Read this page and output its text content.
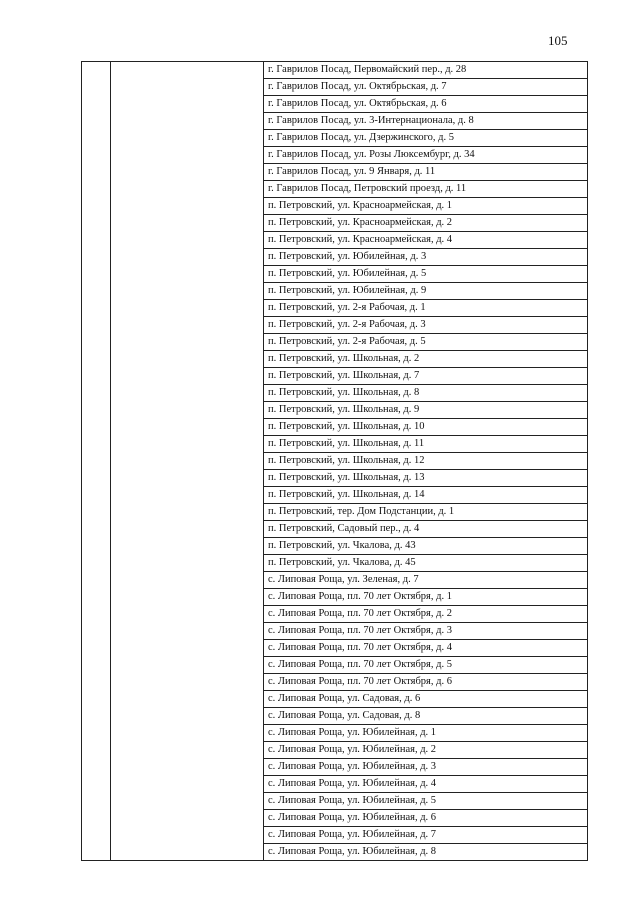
105
		г. Гаврилов Посад, Первомайский пер., д. 28
г. Гаврилов Посад, ул. Октябрьская, д. 7
г. Гаврилов Посад, ул. Октябрьская, д. 6
г. Гаврилов Посад, ул. 3-Интернационала, д. 8
г. Гаврилов Посад, ул. Дзержинского, д. 5
г. Гаврилов Посад, ул. Розы Люксембург, д. 34
г. Гаврилов Посад, ул. 9 Января, д. 11
г. Гаврилов Посад, Петровский проезд, д. 11
п. Петровский, ул. Красноармейская, д. 1
п. Петровский, ул. Красноармейская, д. 2
п. Петровский, ул. Красноармейская, д. 4
п. Петровский, ул. Юбилейная, д. 3
п. Петровский, ул. Юбилейная, д. 5
п. Петровский, ул. Юбилейная, д. 9
п. Петровский, ул. 2-я Рабочая, д. 1
п. Петровский, ул. 2-я Рабочая, д. 3
п. Петровский, ул. 2-я Рабочая, д. 5
п. Петровский, ул. Школьная, д. 2
п. Петровский, ул. Школьная, д. 7
п. Петровский, ул. Школьная, д. 8
п. Петровский, ул. Школьная, д. 9
п. Петровский, ул. Школьная, д. 10
п. Петровский, ул. Школьная, д. 11
п. Петровский, ул. Школьная, д. 12
п. Петровский, ул. Школьная, д. 13
п. Петровский, ул. Школьная, д. 14
п. Петровский, тер. Дом Подстанции, д. 1
п. Петровский, Садовый пер., д. 4
п. Петровский, ул. Чкалова, д. 43
п. Петровский, ул. Чкалова, д. 45
с. Липовая Роща, ул. Зеленая, д. 7
с. Липовая Роща, пл. 70 лет Октября, д. 1
с. Липовая Роща, пл. 70 лет Октября, д. 2
с. Липовая Роща, пл. 70 лет Октября, д. 3
с. Липовая Роща, пл. 70 лет Октября, д. 4
с. Липовая Роща, пл. 70 лет Октября, д. 5
с. Липовая Роща, пл. 70 лет Октября, д. 6
с. Липовая Роща, ул. Садовая, д. 6
с. Липовая Роща, ул. Садовая, д. 8
с. Липовая Роща, ул. Юбилейная, д. 1
с. Липовая Роща, ул. Юбилейная, д. 2
с. Липовая Роща, ул. Юбилейная, д. 3
с. Липовая Роща, ул. Юбилейная, д. 4
с. Липовая Роща, ул. Юбилейная, д. 5
с. Липовая Роща, ул. Юбилейная, д. 6
с. Липовая Роща, ул. Юбилейная, д. 7
с. Липовая Роща, ул. Юбилейная, д. 8
